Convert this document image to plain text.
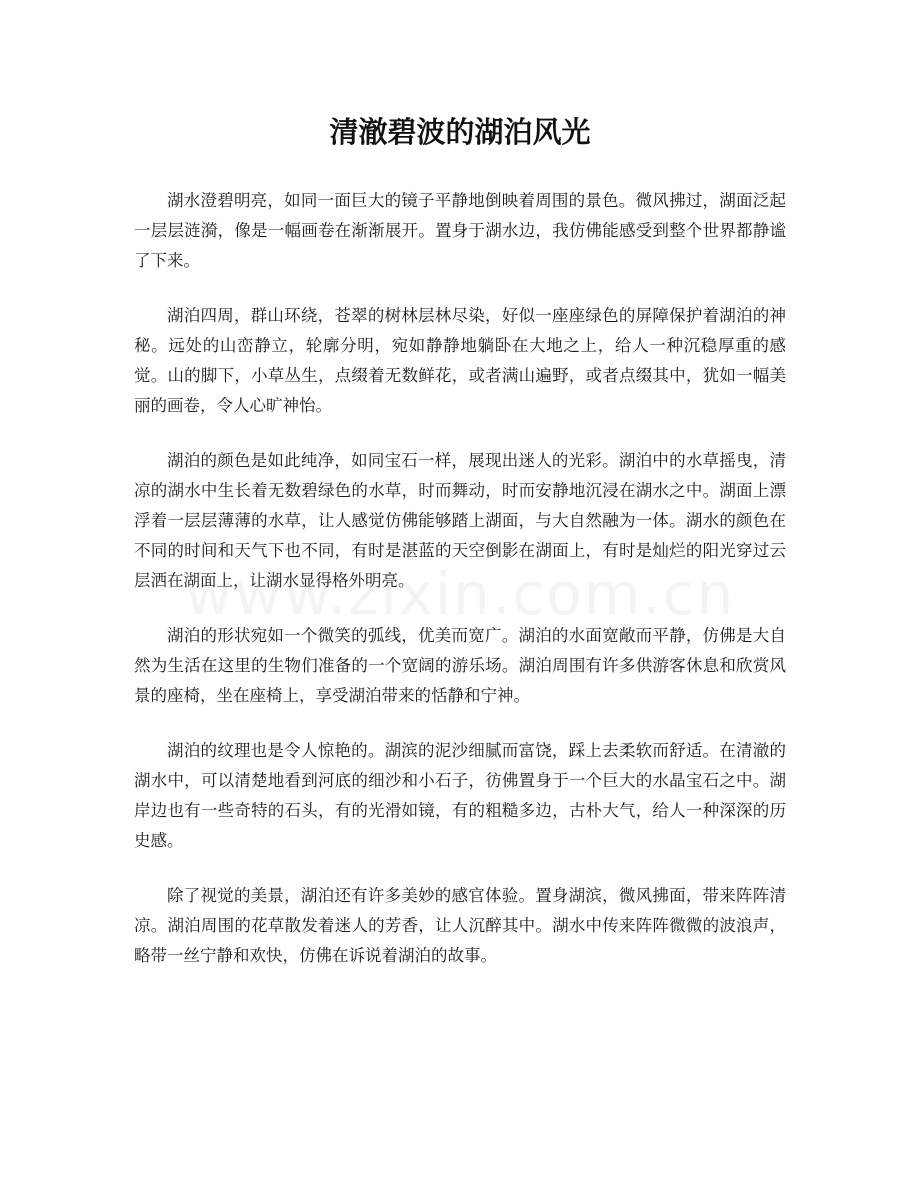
清澈碧波的湖泊风光

湖水澄碧明亮，如同一面巨大的镜子平静地倒映着周围的景色。微风拂过，湖面泛起一层层涟漪，像是一幅画卷在渐渐展开。置身于湖水边，我仿佛能感受到整个世界都静谧了下来。

湖泊四周，群山环绕，苍翠的树林层林尽染，好似一座座绿色的屏障保护着湖泊的神秘。远处的山峦静立，轮廓分明，宛如静静地躺卧在大地之上，给人一种沉稳厚重的感觉。山的脚下，小草丛生，点缀着无数鲜花，或者满山遍野，或者点缀其中，犹如一幅美丽的画卷，令人心旷神怡。

湖泊的颜色是如此纯净，如同宝石一样，展现出迷人的光彩。湖泊中的水草摇曳，清凉的湖水中生长着无数碧绿色的水草，时而舞动，时而安静地沉浸在湖水之中。湖面上漂浮着一层层薄薄的水草，让人感觉仿佛能够踏上湖面，与大自然融为一体。湖水的颜色在不同的时间和天气下也不同，有时是湛蓝的天空倒影在湖面上，有时是灿烂的阳光穿过云层洒在湖面上，让湖水显得格外明亮。

湖泊的形状宛如一个微笑的弧线，优美而宽广。湖泊的水面宽敞而平静，仿佛是大自然为生活在这里的生物们准备的一个宽阔的游乐场。湖泊周围有许多供游客休息和欣赏风景的座椅，坐在座椅上，享受湖泊带来的恬静和宁神。

湖泊的纹理也是令人惊艳的。湖滨的泥沙细腻而富饶，踩上去柔软而舒适。在清澈的湖水中，可以清楚地看到河底的细沙和小石子，彷佛置身于一个巨大的水晶宝石之中。湖岸边也有一些奇特的石头，有的光滑如镜，有的粗糙多边，古朴大气，给人一种深深的历史感。

除了视觉的美景，湖泊还有许多美妙的感官体验。置身湖滨，微风拂面，带来阵阵清凉。湖泊周围的花草散发着迷人的芳香，让人沉醉其中。湖水中传来阵阵微微的波浪声，略带一丝宁静和欢快，仿佛在诉说着湖泊的故事。
